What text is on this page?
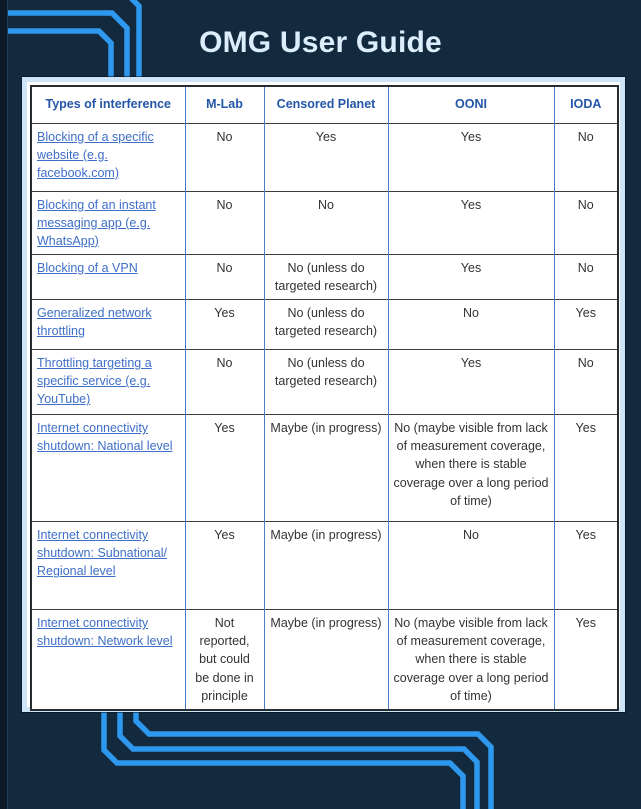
OMG User Guide
Types of interference	M-Lab	Censored Planet	OONI	IODA
Blocking of a specific website (e.g. facebook.com)	No	Yes	Yes	No
Blocking of an instant messaging app (e.g. WhatsApp)	No	No	Yes	No
Blocking of a VPN	No	No (unless do targeted research)	Yes	No
Generalized network throttling	Yes	No (unless do targeted research)	No	Yes
Throttling targeting a specific service (e.g. YouTube)	No	No (unless do targeted research)	Yes	No
Internet connectivity shutdown: National level	Yes	Maybe (in progress)	No (maybe visible from lack of measurement coverage, when there is stable coverage over a long period of time)	Yes
Internet connectivity shutdown: Subnational/ Regional level	Yes	Maybe (in progress)	No	Yes
Internet connectivity shutdown: Network level	Not reported, but could be done in principle	Maybe (in progress)	No (maybe visible from lack of measurement coverage, when there is stable coverage over a long period of time)	Yes
